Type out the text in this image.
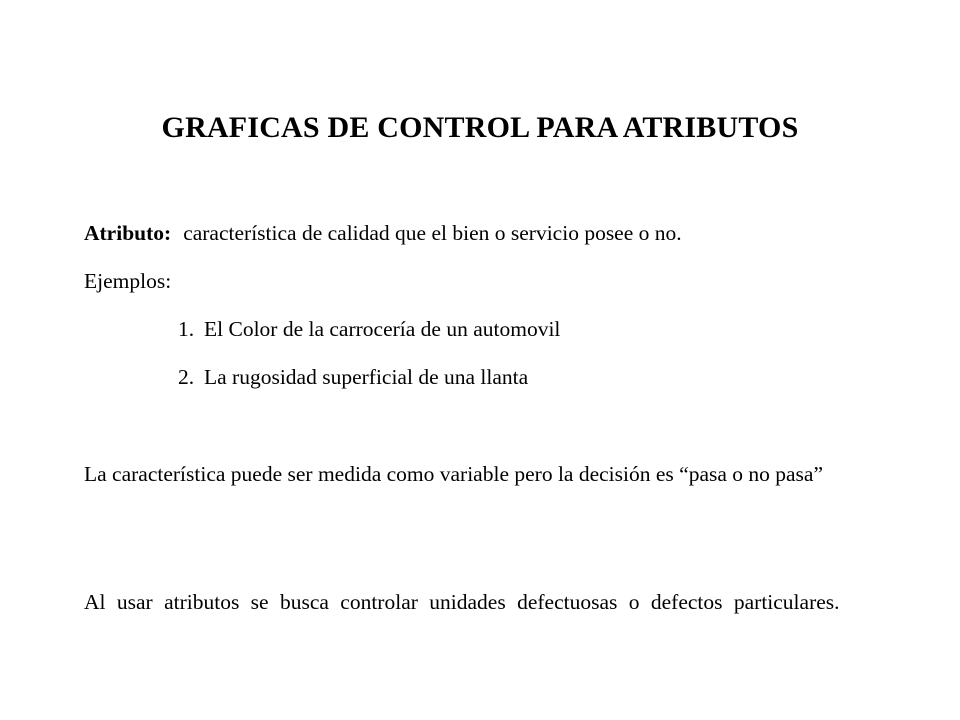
GRAFICAS DE CONTROL PARA ATRIBUTOS
Atributo: característica de calidad que el bien o servicio posee o no.
Ejemplos:
1. El Color de la carrocería de un automovil
2. La rugosidad superficial de una llanta
La característica puede ser medida como variable pero la decisión es “pasa o no pasa”
Al usar atributos se busca controlar unidades defectuosas o defectos particulares.
